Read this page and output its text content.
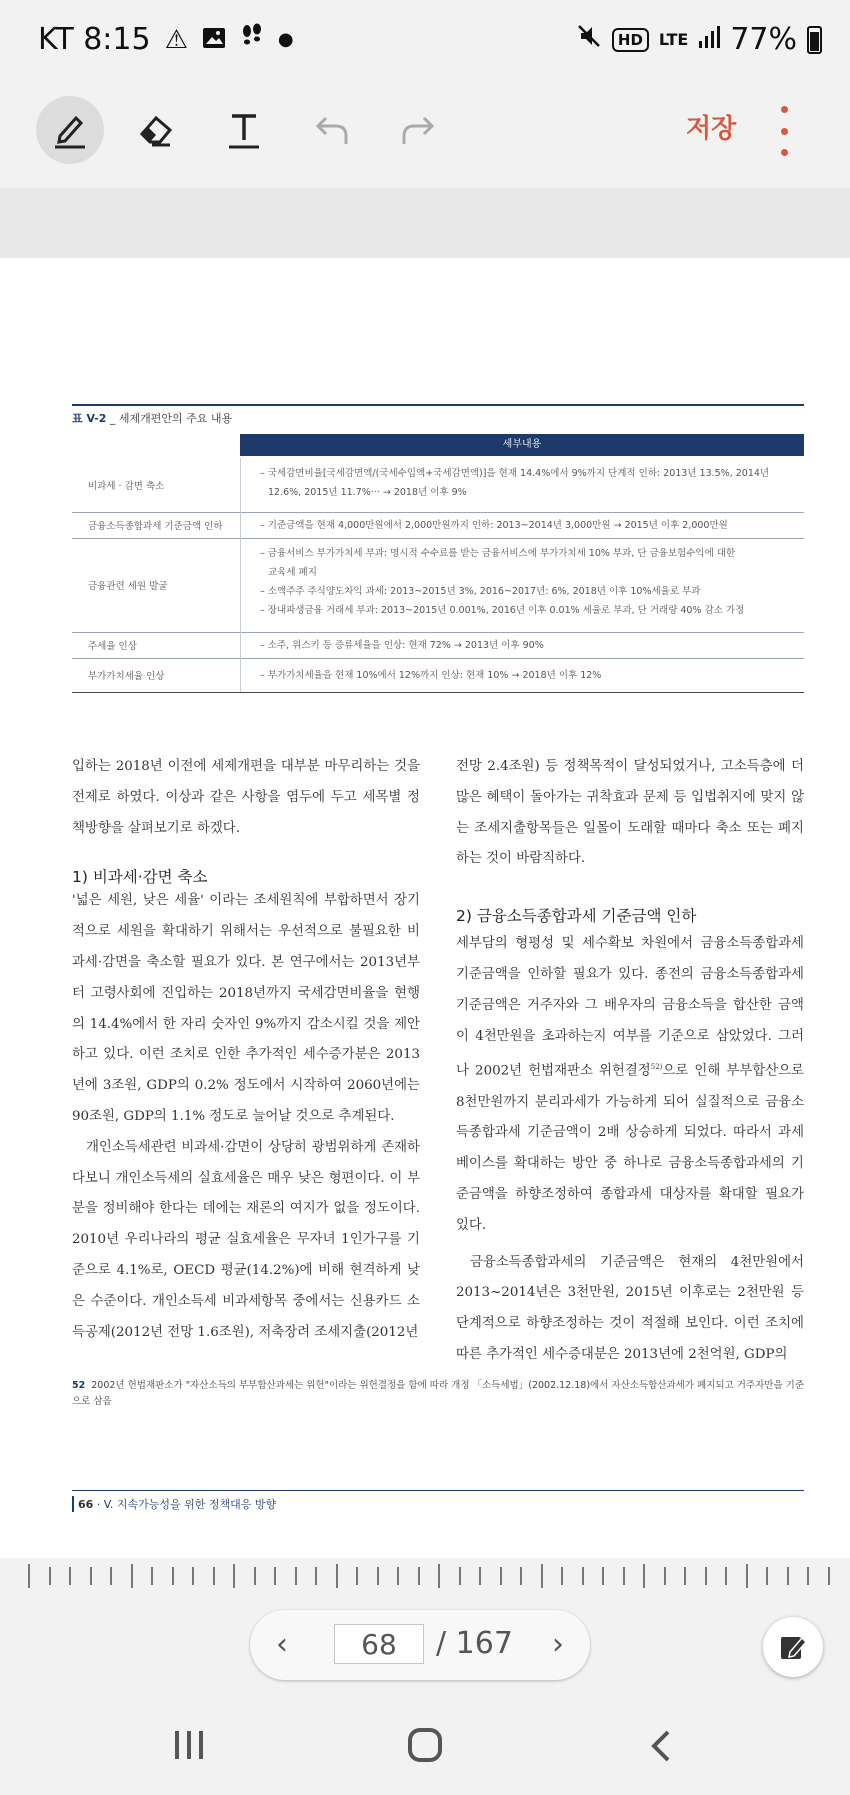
KT 8:15 ⚠	●	HD	LTE 77%
저장
표 V-2 _ 세제개편안의 주요 내용
세부내용
비과세 · 감면 축소
– 국세감면비율[국세감면액/(국세수입액+국세감면액)]을 현재 14.4%에서 9%까지 단계적 인하: 2013년 13.5%, 2014년
12.6%, 2015년 11.7%··· → 2018년 이후 9%
금융소득종합과세 기준금액 인하	– 기준금액을 현재 4,000만원에서 2,000만원까지 인하: 2013~2014년 3,000만원 → 2015년 이후 2,000만원
금융관련 세원 발굴
– 금융서비스 부가가치세 부과: 명시적 수수료를 받는 금융서비스에 부가가치세 10% 부과, 단 금융보험수익에 대한
교육세 폐지
– 소액주주 주식양도차익 과세: 2013~2015년 3%, 2016~2017년: 6%, 2018년 이후 10%세율로 부과
– 장내파생금융 거래세 부과: 2013~2015년 0.001%, 2016년 이후 0.01% 세율로 부과, 단 거래량 40% 감소 가정
주세율 인상	– 소주, 위스키 등 증류세율을 인상: 현재 72% → 2013년 이후 90%
부가가치세율 인상	– 부가가치세율을 현재 10%에서 12%까지 인상: 현재 10% → 2018년 이후 12%

입하는 2018년 이전에 세제개편을 대부분 마무리하는 것을 전제로 하였다. 이상과 같은 사항을 염두에 두고 세목별 정책방향을 살펴보기로 하겠다.

1) 비과세·감면 축소

'넓은 세원, 낮은 세율' 이라는 조세원칙에 부합하면서 장기적으로 세원을 확대하기 위해서는 우선적으로 불필요한 비과세·감면을 축소할 필요가 있다. 본 연구에서는 2013년부터 고령사회에 진입하는 2018년까지 국세감면비율을 현행의 14.4%에서 한 자리 숫자인 9%까지 감소시킬 것을 제안하고 있다. 이런 조치로 인한 추가적인 세수증가분은 2013년에 3조원, GDP의 0.2% 정도에서 시작하여 2060년에는 90조원, GDP의 1.1% 정도로 늘어날 것으로 추계된다.

개인소득세관련 비과세·감면이 상당히 광범위하게 존재하다보니 개인소득세의 실효세율은 매우 낮은 형편이다. 이 부분을 정비해야 한다는 데에는 재론의 여지가 없을 정도이다. 2010년 우리나라의 평균 실효세율은 무자녀 1인가구를 기준으로 4.1%로, OECD 평균(14.2%)에 비해 현격하게 낮은 수준이다. 개인소득세 비과세항목 중에서는 신용카드 소득공제(2012년 전망 1.6조원), 저축장려 조세지출(2012년

전망 2.4조원) 등 정책목적이 달성되었거나, 고소득층에 더 많은 혜택이 돌아가는 귀착효과 문제 등 입법취지에 맞지 않는 조세지출항목들은 일몰이 도래할 때마다 축소 또는 폐지하는 것이 바람직하다.

2) 금융소득종합과세 기준금액 인하

세부담의 형평성 및 세수확보 차원에서 금융소득종합과세 기준금액을 인하할 필요가 있다. 종전의 금융소득종합과세 기준금액은 거주자와 그 배우자의 금융소득을 합산한 금액이 4천만원을 초과하는지 여부를 기준으로 삼았었다. 그러나 2002년 헌법재판소 위헌결정$^{52)}$으로 인해 부부합산으로 8천만원까지 분리과세가 가능하게 되어 실질적으로 금융소득종합과세 기준금액이 2배 상승하게 되었다. 따라서 과세베이스를 확대하는 방안 중 하나로 금융소득종합과세의 기준금액을 하향조정하여 종합과세 대상자를 확대할 필요가 있다.

금융소득종합과세의 기준금액은 현재의 4천만원에서 2013~2014년은 3천만원, 2015년 이후로는 2천만원 등 단계적으로 하향조정하는 것이 적절해 보인다. 이런 조치에 따른 추가적인 세수증대분은 2013년에 2천억원, GDP의

52 2002년 헌법재판소가 "자산소득의 부부합산과세는 위헌"이라는 위헌결정을 함에 따라 개정 「소득세법」(2002.12.18)에서 자산소득합산과세가 폐지되고 거주자만을 기준으로 삼음
66 · V. 지속가능성을 위한 정책대응 방향
‹
68	/ 167 ›
